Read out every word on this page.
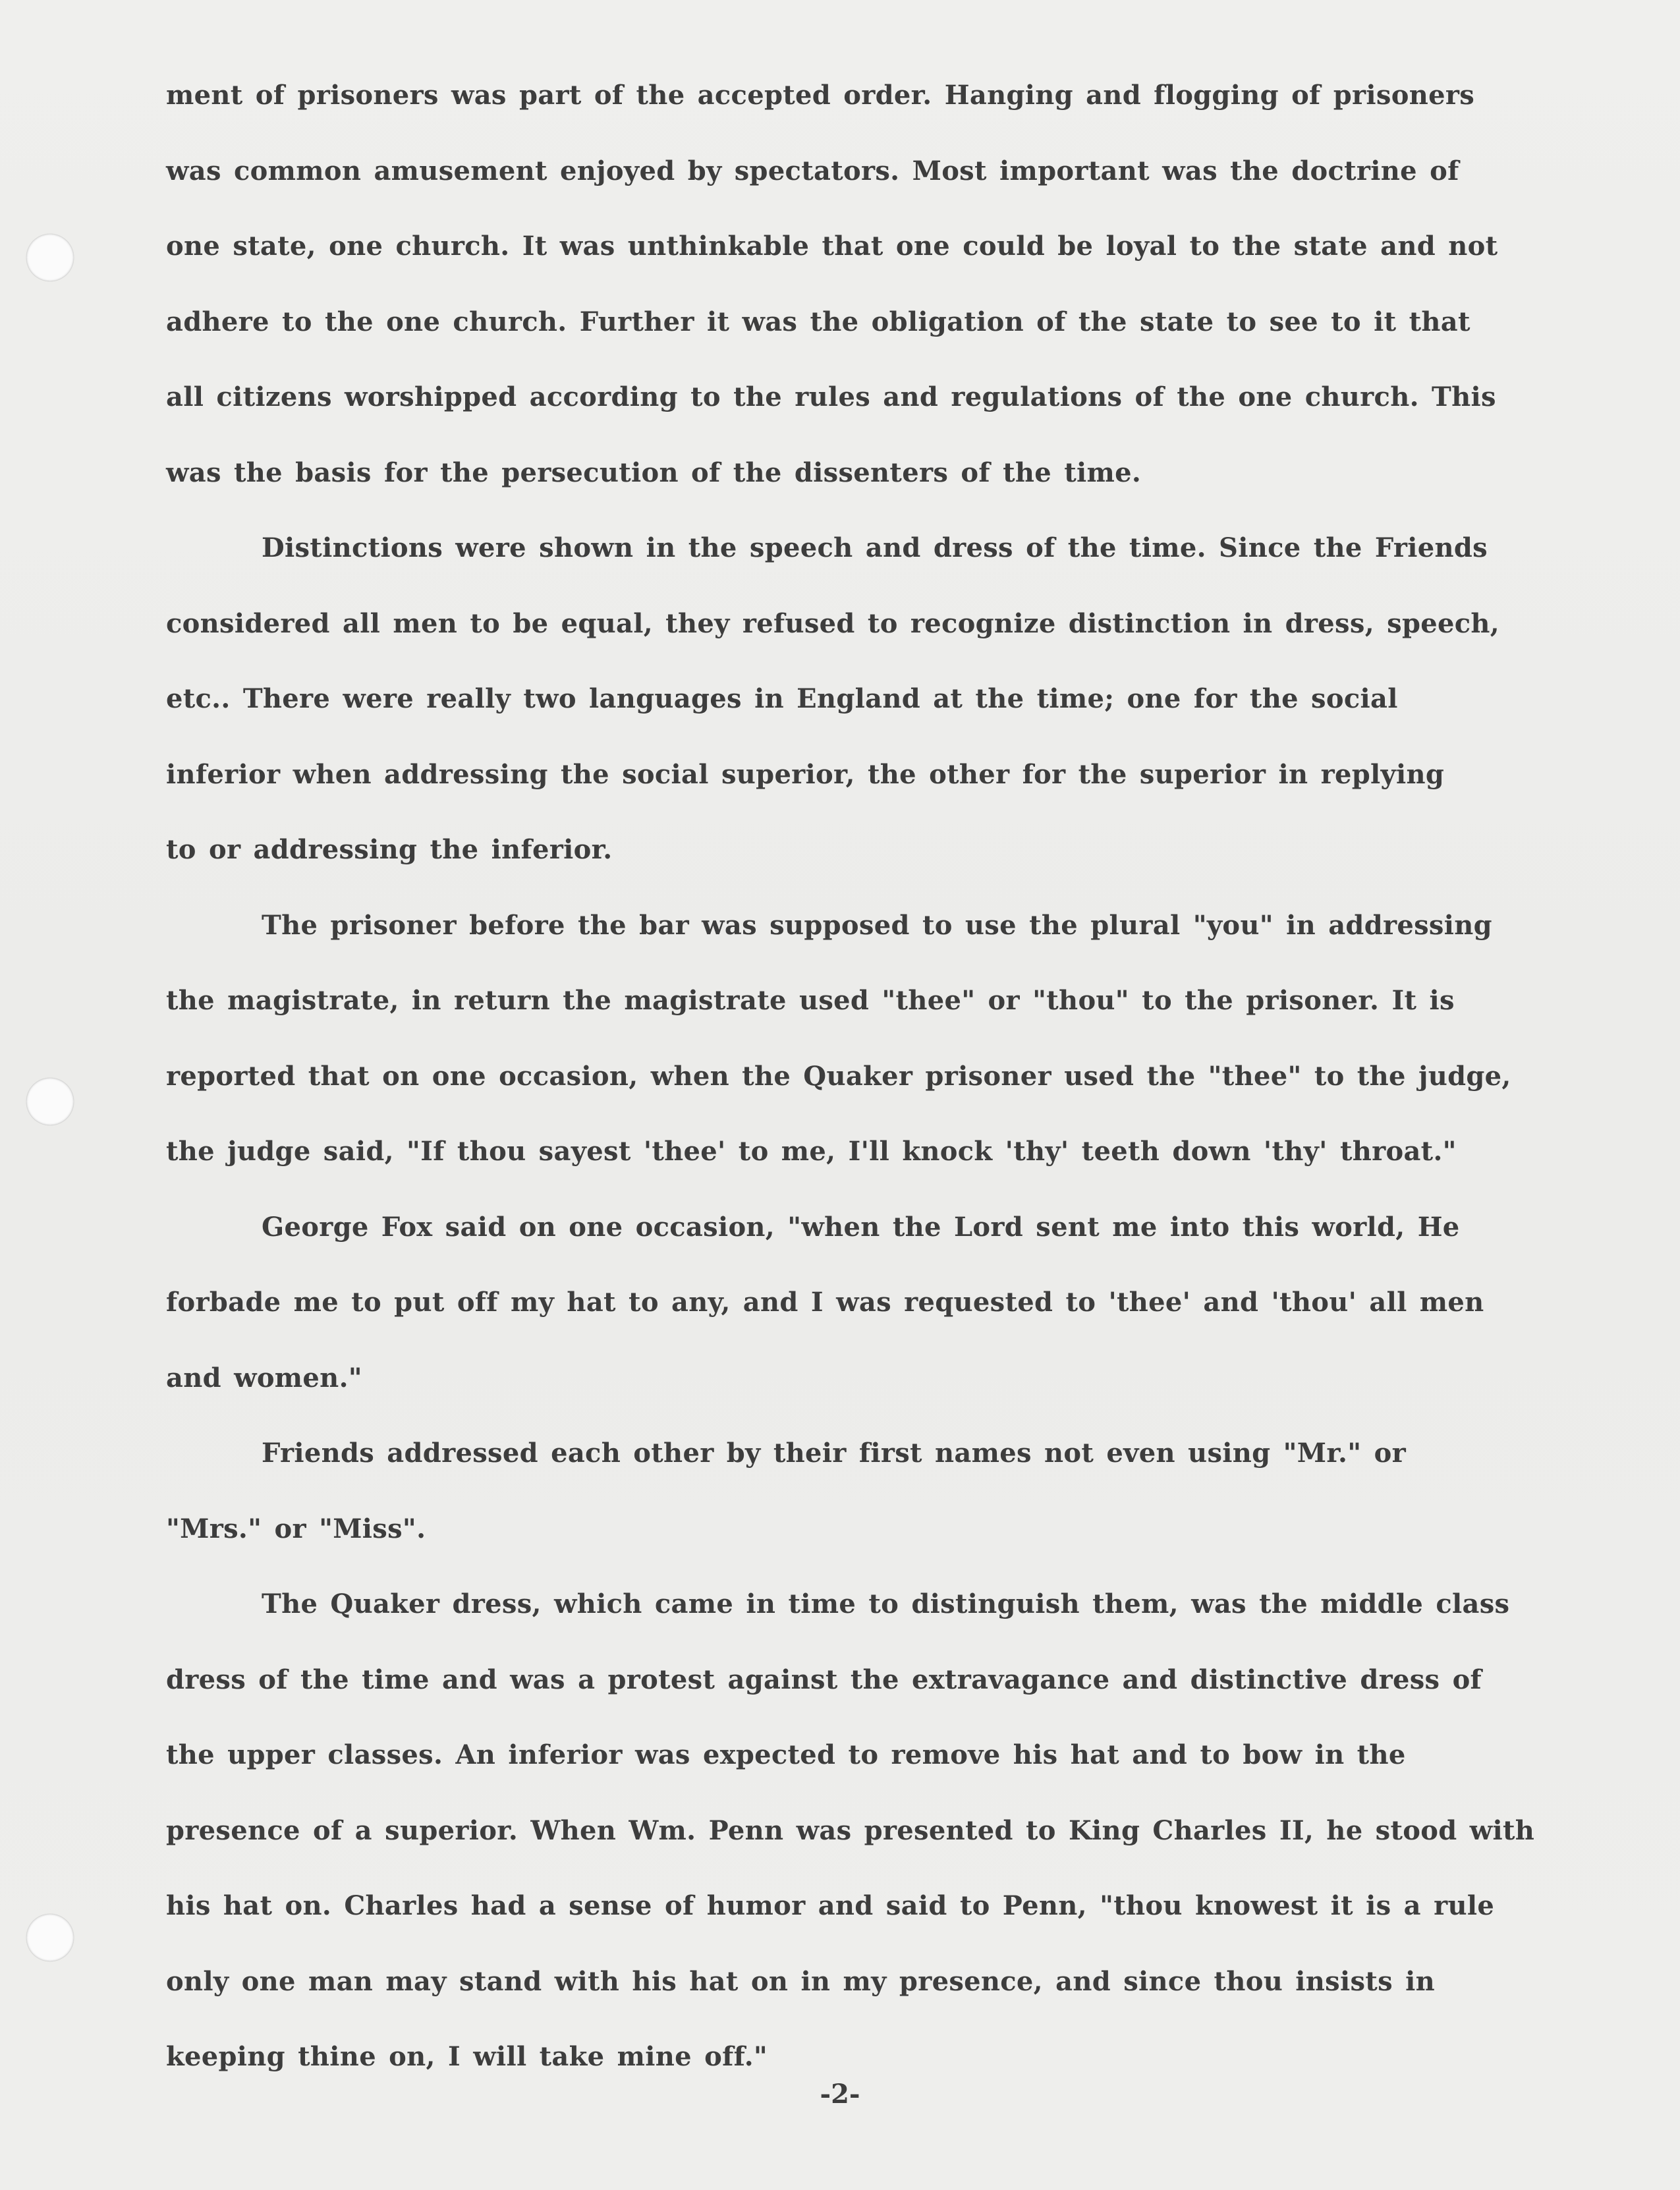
ment of prisoners was part of the accepted order. Hanging and flogging of prisoners
was common amusement enjoyed by spectators. Most important was the doctrine of
one state, one church. It was unthinkable that one could be loyal to the state and not
adhere to the one church. Further it was the obligation of the state to see to it that
all citizens worshipped according to the rules and regulations of the one church. This
was the basis for the persecution of the dissenters of the time.
Distinctions were shown in the speech and dress of the time. Since the Friends
considered all men to be equal, they refused to recognize distinction in dress, speech,
etc.. There were really two languages in England at the time; one for the social
inferior when addressing the social superior, the other for the superior in replying
to or addressing the inferior.
The prisoner before the bar was supposed to use the plural "you" in addressing
the magistrate, in return the magistrate used "thee" or "thou" to the prisoner. It is
reported that on one occasion, when the Quaker prisoner used the "thee" to the judge,
the judge said, "If thou sayest 'thee' to me, I'll knock 'thy' teeth down 'thy' throat."
George Fox said on one occasion, "when the Lord sent me into this world, He
forbade me to put off my hat to any, and I was requested to 'thee' and 'thou' all men
and women."
Friends addressed each other by their first names not even using "Mr." or
"Mrs." or "Miss".
The Quaker dress, which came in time to distinguish them, was the middle class
dress of the time and was a protest against the extravagance and distinctive dress of
the upper classes. An inferior was expected to remove his hat and to bow in the
presence of a superior. When Wm. Penn was presented to King Charles II, he stood with
his hat on. Charles had a sense of humor and said to Penn, "thou knowest it is a rule
only one man may stand with his hat on in my presence, and since thou insists in
keeping thine on, I will take mine off."
-2-
